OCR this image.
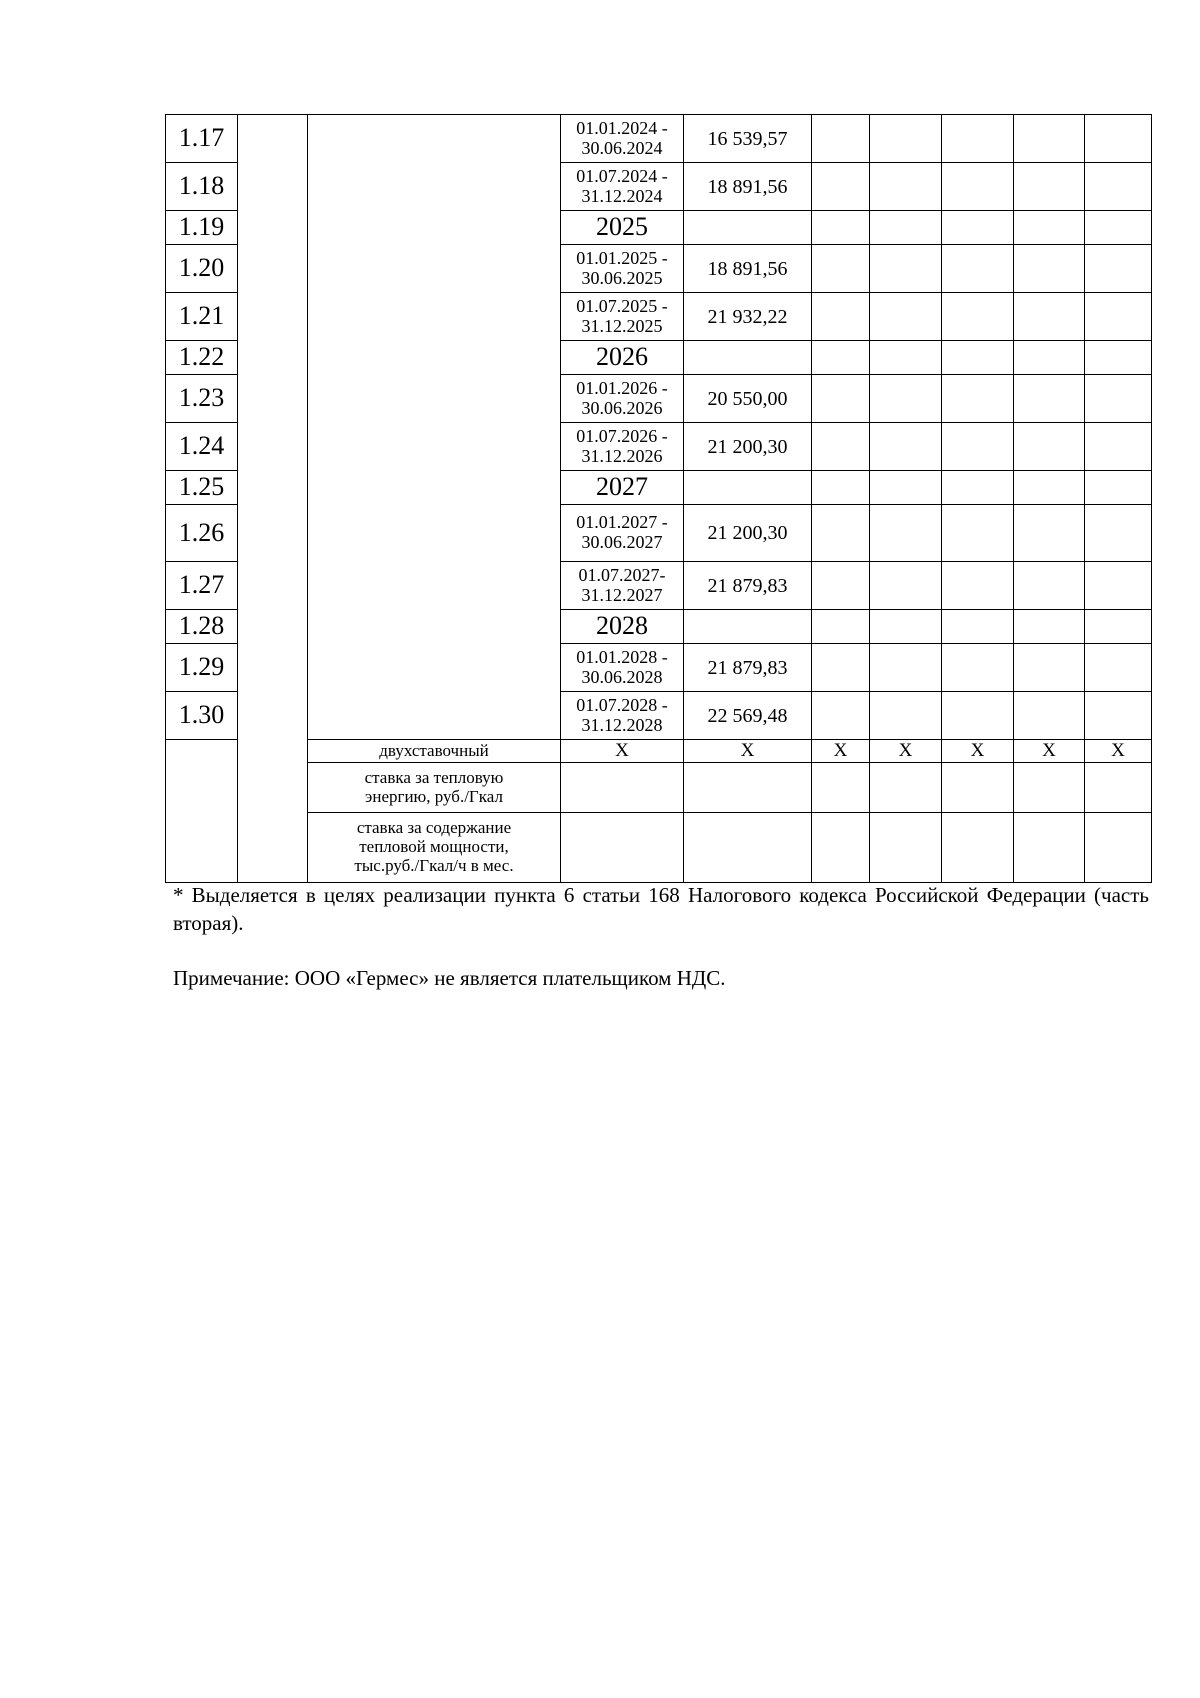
1.17			01.01.2024 -
30.06.2024	16 539,57					
1.18			01.07.2024 -
31.12.2024	18 891,56					
1.19			2025						
1.20			01.01.2025 -
30.06.2025	18 891,56					
1.21			01.07.2025 -
31.12.2025	21 932,22					
1.22			2026						
1.23			01.01.2026 -
30.06.2026	20 550,00					
1.24			01.07.2026 -
31.12.2026	21 200,30					
1.25			2027						
1.26			01.01.2027 -
30.06.2027	21 200,30					
1.27			01.07.2027-
31.12.2027	21 879,83					
1.28			2028						
1.29			01.01.2028 -
30.06.2028	21 879,83					
1.30			01.07.2028 -
31.12.2028	22 569,48					
		двухставочный	X	X	X	X	X	X	X
		ставка за тепловую
энергию, руб./Гкал							
		ставка за содержание
тепловой мощности,
тыс.руб./Гкал/ч в мес.							

* Выделяется в целях реализации пункта 6 статьи 168 Налогового кодекса Российской Федерации (часть вторая).

Примечание: ООО «Гермес» не является плательщиком НДС.
